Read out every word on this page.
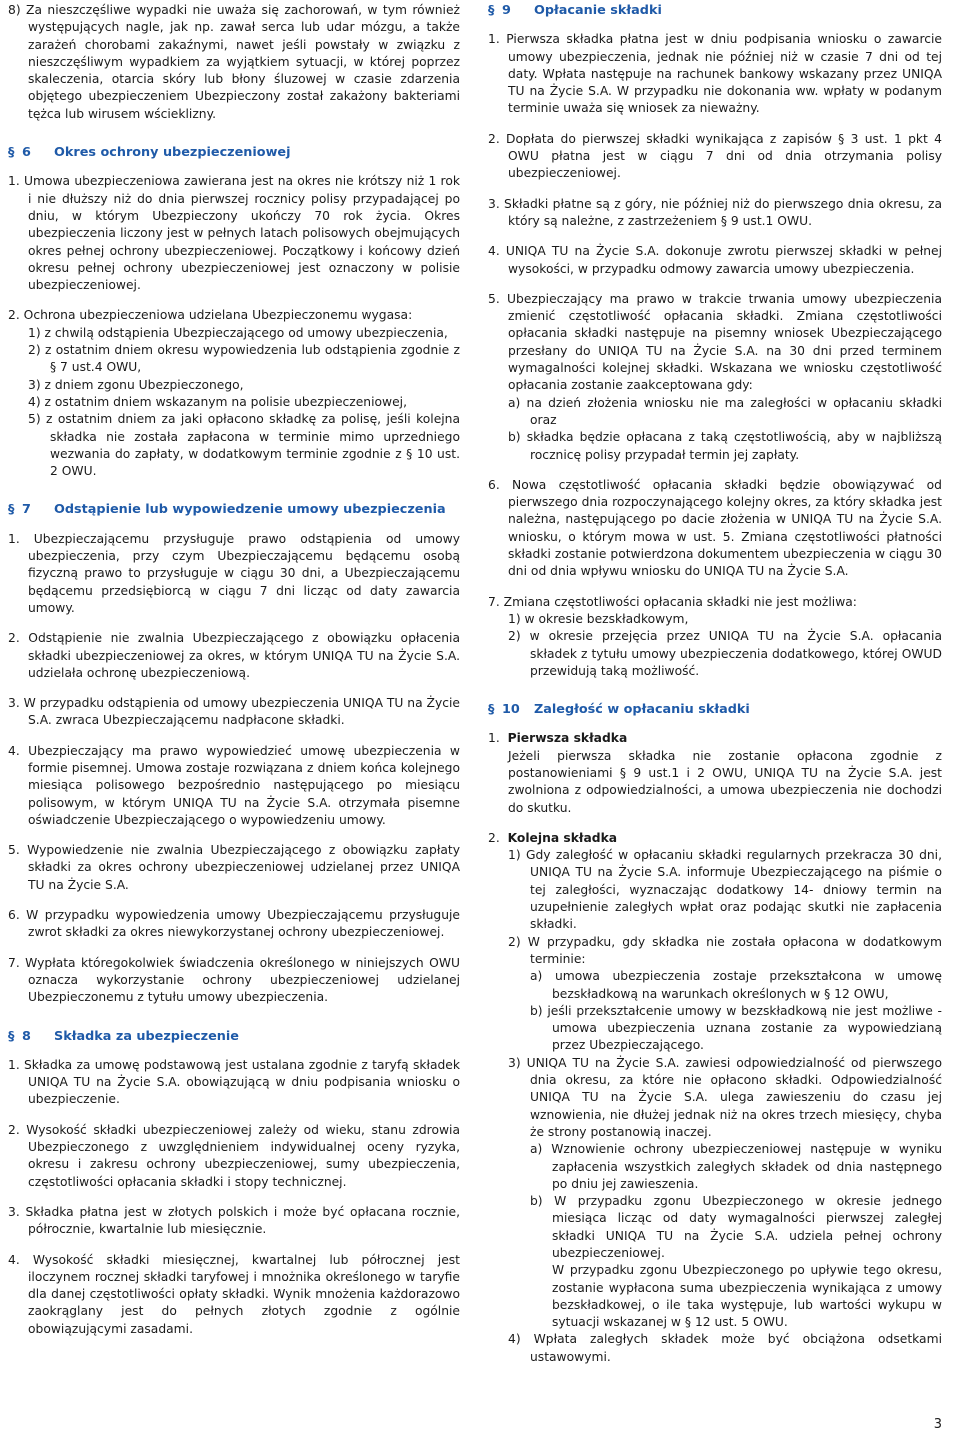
8) Za nieszczęśliwe wypadki nie uważa się zachorowań, w tym również występujących nagle, jak np. zawał serca lub udar mózgu, a także zarażeń chorobami zakaźnymi, nawet jeśli powstały w związku z nieszczęśliwym wypadkiem za wyjątkiem sytuacji, w której poprzez skaleczenia, otarcia skóry lub błony śluzowej w czasie zdarzenia objętego ubezpieczeniem Ubezpieczony został zakażony bakteriami tężca lub wirusem wścieklizny.

§ 6	Okres ochrony ubezpieczeniowej

1. Umowa ubezpieczeniowa zawierana jest na okres nie krótszy niż 1 rok i nie dłuższy niż do dnia pierwszej rocznicy polisy przypadającej po dniu, w którym Ubezpieczony ukończy 70 rok życia. Okres ubezpieczenia liczony jest w pełnych latach polisowych obejmujących okres pełnej ochrony ubezpieczeniowej. Początkowy i końcowy dzień okresu pełnej ochrony ubezpieczeniowej jest oznaczony w polisie ubezpieczeniowej.

2. Ochrona ubezpieczeniowa udzielana Ubezpieczonemu wygasa:

1) z chwilą odstąpienia Ubezpieczającego od umowy ubezpieczenia,

2) z ostatnim dniem okresu wypowiedzenia lub odstąpienia zgodnie z § 7 ust.4 OWU,

3) z dniem zgonu Ubezpieczonego,

4) z ostatnim dniem wskazanym na polisie ubezpieczeniowej,

5) z ostatnim dniem za jaki opłacono składkę za polisę, jeśli kolejna składka nie została zapłacona w terminie mimo uprzedniego wezwania do zapłaty, w dodatkowym terminie zgodnie z § 10 ust. 2 OWU.

§ 7	Odstąpienie lub wypowiedzenie umowy ubezpieczenia

1. Ubezpieczającemu przysługuje prawo odstąpienia od umowy ubezpieczenia, przy czym Ubezpieczającemu będącemu osobą fizyczną prawo to przysługuje w ciągu 30 dni, a Ubezpieczającemu będącemu przedsiębiorcą w ciągu 7 dni licząc od daty zawarcia umowy.

2. Odstąpienie nie zwalnia Ubezpieczającego z obowiązku opłacenia składki ubezpieczeniowej za okres, w którym UNIQA TU na Życie S.A. udzielała ochronę ubezpieczeniową.

3. W przypadku odstąpienia od umowy ubezpieczenia UNIQA TU na Życie S.A. zwraca Ubezpieczającemu nadpłacone składki.

4. Ubezpieczający ma prawo wypowiedzieć umowę ubezpieczenia w formie pisemnej. Umowa zostaje rozwiązana z dniem końca kolejnego miesiąca polisowego bezpośrednio następującego po miesiącu polisowym, w którym UNIQA TU na Życie S.A. otrzymała pisemne oświadczenie Ubezpieczającego o wypowiedzeniu umowy.

5. Wypowiedzenie nie zwalnia Ubezpieczającego z obowiązku zapłaty składki za okres ochrony ubezpieczeniowej udzielanej przez UNIQA TU na Życie S.A.

6. W przypadku wypowiedzenia umowy Ubezpieczającemu przysługuje zwrot składki za okres niewykorzystanej ochrony ubezpieczeniowej.

7. Wypłata któregokolwiek świadczenia określonego w niniejszych OWU oznacza wykorzystanie ochrony ubezpieczeniowej udzielanej Ubezpieczonemu z tytułu umowy ubezpieczenia.

§ 8	Składka za ubezpieczenie

1. Składka za umowę podstawową jest ustalana zgodnie z taryfą składek UNIQA TU na Życie S.A. obowiązującą w dniu podpisania wniosku o ubezpieczenie.

2. Wysokość składki ubezpieczeniowej zależy od wieku, stanu zdrowia Ubezpieczonego z uwzględnieniem indywidualnej oceny ryzyka, okresu i zakresu ochrony ubezpieczeniowej, sumy ubezpieczenia, częstotliwości opłacania składki i stopy technicznej.

3. Składka płatna jest w złotych polskich i może być opłacana rocznie, półrocznie, kwartalnie lub miesięcznie.

4. Wysokość składki miesięcznej, kwartalnej lub półrocznej jest iloczynem rocznej składki taryfowej i mnożnika określonego w taryfie dla danej częstotliwości opłaty składki. Wynik mnożenia każdorazowo zaokrąglany jest do pełnych złotych zgodnie z ogólnie obowiązującymi zasadami.

§ 9	Opłacanie składki

1. Pierwsza składka płatna jest w dniu podpisania wniosku o zawarcie umowy ubezpieczenia, jednak nie później niż w czasie 7 dni od tej daty. Wpłata następuje na rachunek bankowy wskazany przez UNIQA TU na Życie S.A. W przypadku nie dokonania ww. wpłaty w podanym terminie uważa się wniosek za nieważny.

2. Dopłata do pierwszej składki wynikająca z zapisów § 3 ust. 1 pkt 4 OWU płatna jest w ciągu 7 dni od dnia otrzymania polisy ubezpieczeniowej.

3. Składki płatne są z góry, nie później niż do pierwszego dnia okresu, za który są należne, z zastrzeżeniem § 9 ust.1 OWU.

4. UNIQA TU na Życie S.A. dokonuje zwrotu pierwszej składki w pełnej wysokości, w przypadku odmowy zawarcia umowy ubezpieczenia.

5. Ubezpieczający ma prawo w trakcie trwania umowy ubezpieczenia zmienić częstotliwość opłacania składki. Zmiana częstotliwości opłacania składki następuje na pisemny wniosek Ubezpieczającego przesłany do UNIQA TU na Życie S.A. na 30 dni przed terminem wymagalności kolejnej składki. Wskazana we wniosku częstotliwość opłacania zostanie zaakceptowana gdy:

a) na dzień złożenia wniosku nie ma zaległości w opłacaniu składki oraz

b) składka będzie opłacana z taką częstotliwością, aby w najbliższą rocznicę polisy przypadał termin jej zapłaty.

6. Nowa częstotliwość opłacania składki będzie obowiązywać od pierwszego dnia rozpoczynającego kolejny okres, za który składka jest należna, następującego po dacie złożenia w UNIQA TU na Życie S.A. wniosku, o którym mowa w ust. 5. Zmiana częstotliwości płatności składki zostanie potwierdzona dokumentem ubezpieczenia w ciągu 30 dni od dnia wpływu wniosku do UNIQA TU na Życie S.A.

7. Zmiana częstotliwości opłacania składki nie jest możliwa:

1) w okresie bezskładkowym,

2) w okresie przejęcia przez UNIQA TU na Życie S.A. opłacania składek z tytułu umowy ubezpieczenia dodatkowego, której OWUD przewidują taką możliwość.

§ 10 Zaległość w opłacaniu składki

1. Pierwsza składka

Jeżeli pierwsza składka nie zostanie opłacona zgodnie z postanowieniami § 9 ust.1 i 2 OWU, UNIQA TU na Życie S.A. jest zwolniona z odpowiedzialności, a umowa ubezpieczenia nie dochodzi do skutku.

2. Kolejna składka

1) Gdy zaległość w opłacaniu składki regularnych przekracza 30 dni, UNIQA TU na Życie S.A. informuje Ubezpieczającego na piśmie o tej zaległości, wyznaczając dodatkowy 14- dniowy termin na uzupełnienie zaległych wpłat oraz podając skutki nie zapłacenia składki.

2) W przypadku, gdy składka nie została opłacona w dodatkowym terminie:

a) umowa ubezpieczenia zostaje przekształcona w umowę bezskładkową na warunkach określonych w § 12 OWU,

b) jeśli przekształcenie umowy w bezskładkową nie jest możliwe - umowa ubezpieczenia uznana zostanie za wypowiedzianą przez Ubezpieczającego.

3) UNIQA TU na Życie S.A. zawiesi odpowiedzialność od pierwszego dnia okresu, za które nie opłacono składki. Odpowiedzialność UNIQA TU na Życie S.A. ulega zawieszeniu do czasu jej wznowienia, nie dłużej jednak niż na okres trzech miesięcy, chyba że strony postanowią inaczej.

a) Wznowienie ochrony ubezpieczeniowej następuje w wyniku zapłacenia wszystkich zaległych składek od dnia następnego po dniu jej zawieszenia.

b) W przypadku zgonu Ubezpieczonego w okresie jednego miesiąca licząc od daty wymagalności pierwszej zaległej składki UNIQA TU na Życie S.A. udziela pełnej ochrony ubezpieczeniowej.

W przypadku zgonu Ubezpieczonego po upływie tego okresu, zostanie wypłacona suma ubezpieczenia wynikająca z umowy bezskładkowej, o ile taka występuje, lub wartości wykupu w sytuacji wskazanej w § 12 ust. 5 OWU.

4) Wpłata zaległych składek może być obciążona odsetkami ustawowymi.

3
